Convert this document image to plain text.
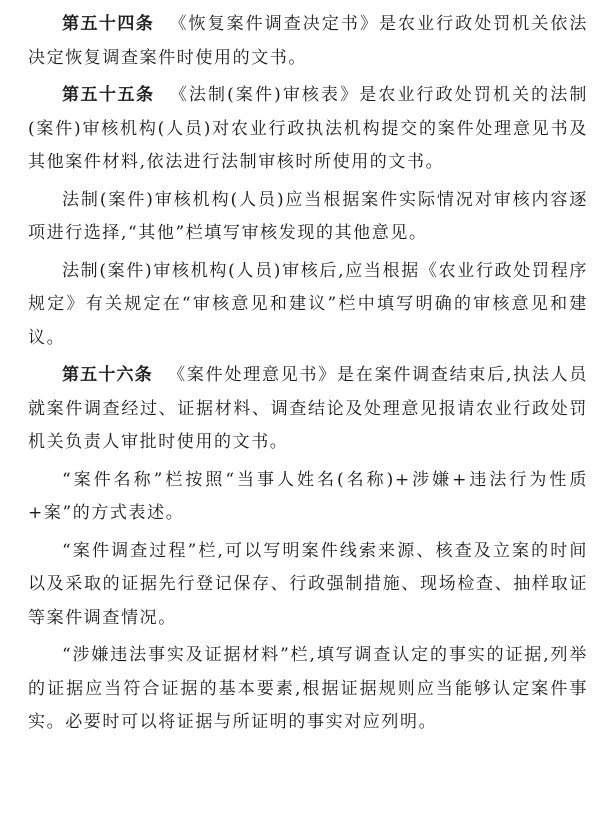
第五十四条 《恢复案件调查决定书》是农业行政处罚机关依法决定恢复调查案件时使用的文书。

第五十五条 《法制(案件)审核表》是农业行政处罚机关的法制(案件)审核机构(人员)对农业行政执法机构提交的案件处理意见书及其他案件材料,依法进行法制审核时所使用的文书。

法制(案件)审核机构(人员)应当根据案件实际情况对审核内容逐项进行选择,“其他”栏填写审核发现的其他意见。

法制(案件)审核机构(人员)审核后,应当根据《农业行政处罚程序规定》有关规定在“审核意见和建议”栏中填写明确的审核意见和建议。

第五十六条 《案件处理意见书》是在案件调查结束后,执法人员就案件调查经过、证据材料、调查结论及处理意见报请农业行政处罚机关负责人审批时使用的文书。

“案件名称”栏按照“当事人姓名(名称)+涉嫌+违法行为性质+案”的方式表述。

“案件调查过程”栏,可以写明案件线索来源、核查及立案的时间以及采取的证据先行登记保存、行政强制措施、现场检查、抽样取证等案件调查情况。

“涉嫌违法事实及证据材料”栏,填写调查认定的事实的证据,列举的证据应当符合证据的基本要素,根据证据规则应当能够认定案件事实。必要时可以将证据与所证明的事实对应列明。
